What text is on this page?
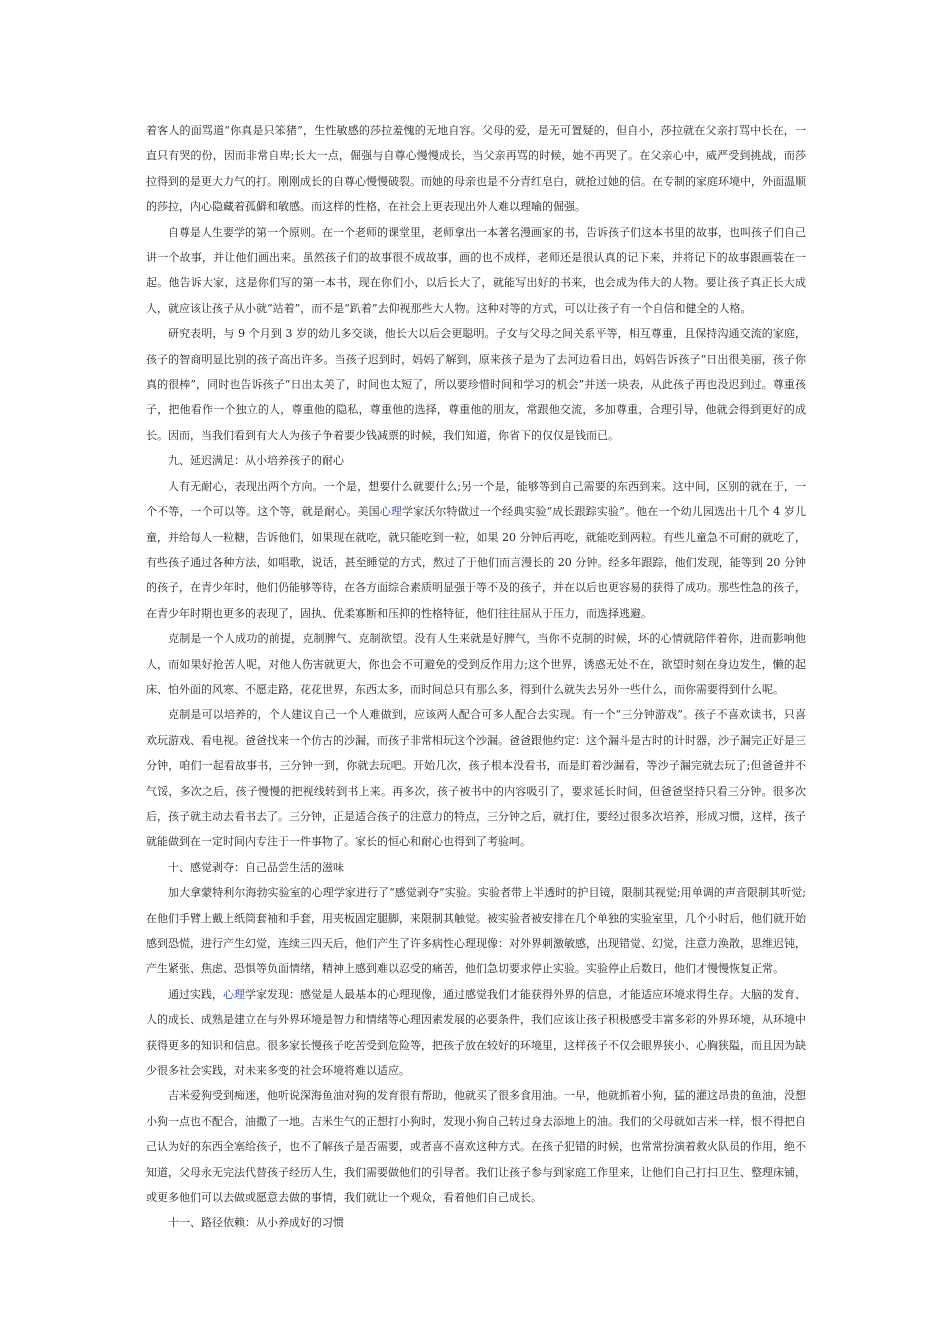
着客人的面骂道“你真是只笨猪”，生性敏感的莎拉羞愧的无地自容。父母的爱，是无可置疑的，但自小，莎拉就在父亲打骂中长在，一直只有哭的份，因而非常自卑;长大一点，倔强与自尊心慢慢成长，当父亲再骂的时候，她不再哭了。在父亲心中，威严受到挑战，而莎拉得到的是更大力气的打。刚刚成长的自尊心慢慢破裂。而她的母亲也是不分青红皂白，就抢过她的信。在专制的家庭环境中，外面温顺的莎拉，内心隐藏着孤僻和敏感。而这样的性格，在社会上更表现出外人难以理喻的倔强。

自尊是人生要学的第一个原则。在一个老师的课堂里，老师拿出一本著名漫画家的书，告诉孩子们这本书里的故事，也叫孩子们自己讲一个故事，并让他们画出来。虽然孩子们的故事很不成故事，画的也不成样，老师还是很认真的记下来，并将记下的故事跟画装在一起。他告诉大家，这是你们写的第一本书，现在你们小，以后长大了，就能写出好的书来，也会成为伟大的人物。要让孩子真正长大成人，就应该让孩子从小就“站着”，而不是“趴着”去仰视那些大人物。这种对等的方式，可以让孩子有一个自信和健全的人格。

研究表明，与 9 个月到 3 岁的幼儿多交谈，他长大以后会更聪明。子女与父母之间关系平等，相互尊重，且保持沟通交流的家庭，孩子的智商明显比别的孩子高出许多。当孩子迟到时，妈妈了解到，原来孩子是为了去河边看日出，妈妈告诉孩子“日出很美丽，孩子你真的很棒”，同时也告诉孩子“日出太美了，时间也太短了，所以要珍惜时间和学习的机会”并送一块表，从此孩子再也没迟到过。尊重孩子，把他看作一个独立的人，尊重他的隐私，尊重他的选择，尊重他的朋友，常跟他交流，多加尊重，合理引导，他就会得到更好的成长。因而，当我们看到有大人为孩子争着要少钱减票的时候，我们知道，你省下的仅仅是钱而已。

九、延迟满足：从小培养孩子的耐心

人有无耐心，表现出两个方向。一个是，想要什么就要什么;另一个是，能够等到自己需要的东西到来。这中间，区别的就在于，一个不等，一个可以等。这个等，就是耐心。美国心理学家沃尔特做过一个经典实验“成长跟踪实验”。他在一个幼儿园选出十几个 4 岁儿童，并给每人一粒糖，告诉他们，如果现在就吃，就只能吃到一粒，如果 20 分钟后再吃，就能吃到两粒。有些儿童急不可耐的就吃了，有些孩子通过各种方法，如唱歌，说话，甚至睡觉的方式，熬过了于他们而言漫长的 20 分钟。经多年跟踪，他们发现，能等到 20 分钟的孩子，在青少年时，他们仍能够等待，在各方面综合素质明显强于等不及的孩子，并在以后也更容易的获得了成功。那些性急的孩子，在青少年时期也更多的表现了，固执、优柔寡断和压抑的性格特征，他们往往屈从于压力，而选择逃避。

克制是一个人成功的前提，克制脾气、克制欲望。没有人生来就是好脾气，当你不克制的时候，坏的心情就陪伴着你，进而影响他人，而如果好抢苦人呢，对他人伤害就更大，你也会不可避免的受到反作用力;这个世界，诱惑无处不在，欲望时刻在身边发生，懒的起床、怕外面的风寒、不愿走路，花花世界，东西太多，而时间总只有那么多，得到什么就失去另外一些什么，而你需要得到什么呢。

克制是可以培养的，个人建议自己一个人难做到，应该两人配合可多人配合去实现。有一个“三分钟游戏”。孩子不喜欢读书，只喜欢玩游戏、看电视。爸爸找来一个仿古的沙漏，而孩子非常相玩这个沙漏。爸爸跟他约定：这个漏斗是古时的计时器，沙子漏完正好是三分钟，咱们一起看故事书，三分钟一到，你就去玩吧。开始几次，孩子根本没看书，而是盯着沙漏看，等沙子漏完就去玩了;但爸爸并不气馁，多次之后，孩子慢慢的把视线转到书上来。再多次，孩子被书中的内容吸引了，要求延长时间，但爸爸坚持只看三分钟。很多次后，孩子就主动去看书去了。三分钟，正是适合孩子的注意力的特点，三分钟之后，就打住，要经过很多次培养，形成习惯，这样，孩子就能做到在一定时间内专注于一件事物了。家长的恒心和耐心也得到了考验呵。

十、感觉剥夺：自己品尝生活的滋味

加大拿蒙特利尔海勃实验室的心理学家进行了“感觉剥夺”实验。实验者带上半透时的护目镜，限制其视觉;用单调的声音限制其听觉;在他们手臂上戴上纸筒套袖和手套，用夹板固定腿脚，来限制其触觉。被实验者被安排在几个单独的实验室里，几个小时后，他们就开始感到恐慌，进行产生幻觉，连续三四天后，他们产生了许多病性心理现像：对外界刺激敏感，出现错觉、幻觉，注意力涣散，思维迟钝，产生紧张、焦虑、恐惧等负面情绪，精神上感到难以忍受的痛苦，他们急切要求停止实验。实验停止后数日，他们才慢慢恢复正常。

通过实践，心理学家发现：感觉是人最基本的心理现像，通过感觉我们才能获得外界的信息，才能适应环境求得生存。大脑的发育、人的成长、成熟是建立在与外界环境是智力和情绪等心理因素发展的必要条件，我们应该让孩子积极感受丰富多彩的外界环境，从环境中获得更多的知识和信息。很多家长慢孩子吃苦受到危险等，把孩子放在较好的环境里，这样孩子不仅会眼界狭小、心胸狭隘，而且因为缺少很多社会实践，对未来多变的社会环境将难以适应。

吉米爱狗受到痴迷，他听说深海鱼油对狗的发育很有帮助，他就买了很多食用油。一早，他就抓着小狗，猛的灌这昂贵的鱼油，没想小狗一点也不配合，油撒了一地。吉米生气的正想打小狗时，发现小狗自己转过身去添地上的油。我们的父母就如吉米一样，恨不得把自己认为好的东西全塞给孩子，也不了解孩子是否需要，或者喜不喜欢这种方式。在孩子犯错的时候，也常常扮演着救火队员的作用，绝不知道，父母永无完法代替孩子经历人生，我们需要做他们的引导者。我们让孩子参与到家庭工作里来，让他们自己打扫卫生、整理床铺，或更多他们可以去做或愿意去做的事情，我们就让一个观众，看着他们自己成长。

十一、路径依赖：从小养成好的习惯
